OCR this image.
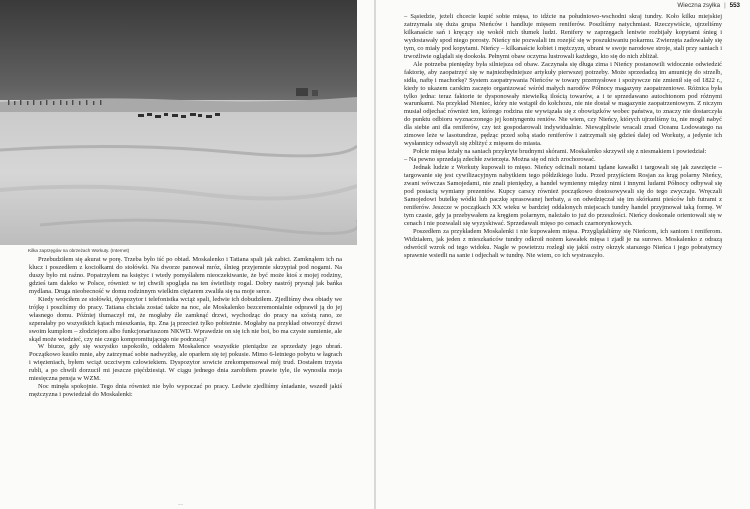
Kilka zaprzęgów na obrzeżach Workuty. (Internet)

Przebudziłem się akurat w porę. Trzeba było iść po obiad. Moskalenko i Tatiana spali jak zabici. Zamknąłem ich na klucz i poszedłem z kociołkami do stołówki. Na dworze panował mróz, ślnieg przyjemnie skrzypiał pod nogami. Na duszy było mi raźno. Popatrzyłem na księżyc i wtedy pomyślałem nieoczekiwanie, że być może ktoś z mojej rodziny, gdzieś tam daleko w Polsce, również w tej chwili spogląda na ten świetlisty rogal. Dobry nastrój prysnął jak bańka mydlana. Druga nieobecność w domu rodzinnym wielkim ciężarem zwaliła się na moje serce.

Kiedy wróciłem ze stołówki, dyspozytor i telefonistka wciąż spali, ledwie ich dobudziłem. Zjedliśmy dwa obiady we trójkę i poszliśmy do pracy. Tatiana chciała zostać także na noc, ale Moskalenko bezceremonialnie odprawił ją do jej własnego domu. Później tłumaczył mi, że mogłaby źle zamknąć drzwi, wychodząc do pracy na szóstą rano, ze szperałaby po wszystkich kątach mieszkania, itp. Zna ją przecież tylko pobieżnie. Mogłaby na przykład otworzyć drzwi swoim kumplom – złodziejom albo funkcjonariuszom NKWD. Wprawdzie on się ich nie boi, bo ma czyste sumienie, ale skąd może wiedzieć, czy nie czego kompromitującego nie podrzucą?

W biurze, gdy się wszystko uspokoiło, oddałem Moskalence wszystkie pieniądze ze sprzedaży jego ubrań. Początkowo kusiło mnie, aby zatrzymać sobie nadwyżkę, ale oparłem się tej pokusie. Mimo 6-letniego pobytu w łagrach i więzieniach, byłem wciąż uczciwym człowiekiem. Dyspozytor sowicie zrekompensował mój trud. Dostałem trzysta rubli, a po chwili dorzucił mi jeszcze pięćdziesiąt. W ciągu jednego dnia zarobiłem prawie tyle, ile wynosiła moja miesięczna pensja w WZM.

Noc minęła spokojnie. Tego dnia również nie było wypoczać po pracy. Ledwie zjedliśmy śniadanie, wszedł jakiś mężczyzna i powiedział do Moskalenki:

—
Wieczna zsyłka | 553

– Sąsiedzie, jeżeli chcecie kupić sobie mięsa, to idźcie na południowo-wschodni skraj tundry. Koło kilku miejskiej zatrzymała się duża grupa Nieńców i handluje mięsem reniferów. Poszliśmy natychmiast. Rzeczywiście, ujrzeliśmy kilkanaście sań i kręcący się wokół nich tłumek ludzi. Renifery w zaprzęgach leniwie rozbijały kopytami śnieg i wydostawały spod niego porosty. Nieńcy nie pozwalali im rozejść się w poszukiwaniu pokarmu. Zwierzęta zadowalały się tym, co miały pod kopytami. Nieńcy – kilkanaście kobiet i mężczyzn, ubrani w swoje narodowe stroje, stali przy saniach i trwożliwie oglądali się dookoła. Pełnymi obaw oczyma lustrowali każdego, kto się do nich zbliżał.

Ale potrzeba pieniędzy była silniejsza od obaw. Zaczynała się długa zima i Nieńcy postanowili widocznie odwiedzić faktorię, aby zaopatrzyć się w najniezbędniejsze artykuły pierwszej potrzeby. Może sprzedadzą im amunicję do strzelb, sidła, naftę i machorkę? System zaopatrywania Nieńców w towary przemysłowe i spożywcze nie zmienił się od 1822 r., kiedy to ukazem carskim zaczęto organizować wśród małych narodów Północy magazyny zaopatrzeniowe. Różnica była tylko jedna: teraz faktorie te dysponowały niewielką ilością towarów, a i te sprzedawano autochtonom pod różnymi warunkami. Na przykład Nieniec, który nie wstąpił do kołchozu, nie nie dostał w magazynie zaopatrzeniowym. Z niczym musiał odjechać również ten, którego rodzina nie wywiązała się z obowiązków wobec państwa, to znaczy nie dostarczyła do punktu odbioru wyznaczonego jej kontyngentu reniów. Nie wiem, czy Nieńcy, których ujrzeliśmy tu, nie mogli nabyć dla siebie ani dla reniferów, czy też gospodarowali indywidualnie. Niewątpliwie wracali znad Oceanu Lodowatego na zimowe leże w lasotundrze, pędząc przed sobą stado reniferów i zatrzymali się gdzieś dalej od Workuty, a jedynie ich wysłannicy odważyli się zbliżyć z mięsem do miasta.

Połcie mięsa leżały na saniach przykryte brudnymi skórami. Moskalenko skrzywił się z niesmakiem i powiedział:

– Na pewno sprzedają zdechłe zwierzęta. Można się od nich zrochorować.

Jednak ludzie z Workuty kupowali to mięso. Nieńcy odcinali notami tądane kawałki i targowali się jak zawzięcie – targowanie się jest cywilizacyjnym nabytkiem tego półdzikiego ludu. Przed przyjściem Rosjan za krąg polarny Nieńcy, zwani wówczas Samojedami, nie znali pieniędzy, a handel wymienny między nimi i innymi ludami Północy odbywał się pod postacią wymiany prezentów. Kupcy carscy również początkowo dostosowywali się do tego zwyczaju. Wręczali Samojedowi butelkę wódki lub paczkę sprasowanej herbaty, a on odwdzięczał się im skórkami pieśców lub futrami z reniferów. Jeszcze w początkach XX wieku w bardziej oddalonych miejscach tundry handel przyjmował taką formę. W tym czasie, gdy ja przebywałem za kręgiem polarnym, należało to już do przeszłości. Nieńcy doskonale orientowali się w cenach i nie pozwalali się wyzyskiwać. Sprzedawali mięso po cenach czarnorynkowych.

Poszedłem za przykładem Moskalenki i nie kupowałem mięsa. Przyglądaliśmy się Nieńcom, ich saniom i reniferom. Widziałem, jak jeden z mieszkańców tundry odkroił nożem kawałek mięsa i zjadł je na surowo. Moskalenko z odrazą odwrócił wzrok od tego widoku. Nagle w powietrzu rozległ się jakiś ostry okrzyk starszego Nieńca i jego pobratymcy sprawnie wsiedli na sanie i odjechali w tundrę. Nie wiem, co ich wystraszyło.
